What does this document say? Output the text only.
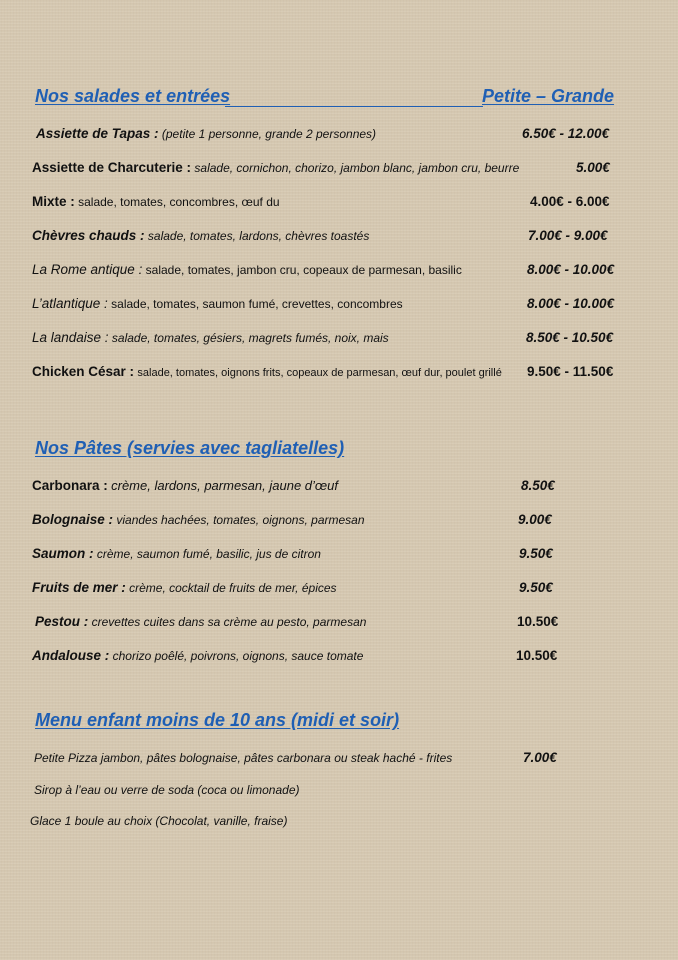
Nos salades et entrées	Petite – Grande
Assiette de Tapas : (petite 1 personne, grande 2 personnes)	6.50€ - 12.00€
Assiette de Charcuterie : salade, cornichon, chorizo, jambon blanc, jambon cru, beurre	5.00€
Mixte : salade, tomates, concombres, œuf du	4.00€ - 6.00€
Chèvres chauds : salade, tomates, lardons, chèvres toastés	7.00€ - 9.00€
La Rome antique : salade, tomates, jambon cru, copeaux de parmesan, basilic	8.00€ - 10.00€
L’atlantique : salade, tomates, saumon fumé, crevettes, concombres	8.00€ - 10.00€
La landaise : salade, tomates, gésiers, magrets fumés, noix, mais	8.50€ - 10.50€
Chicken César : salade, tomates, oignons frits, copeaux de parmesan, œuf dur, poulet grillé 9.50€ - 11.50€
Nos Pâtes (servies avec tagliatelles)
Carbonara : crème, lardons, parmesan, jaune d’œuf	8.50€
Bolognaise : viandes hachées, tomates, oignons, parmesan	9.00€
Saumon : crème, saumon fumé, basilic, jus de citron	9.50€
Fruits de mer : crème, cocktail de fruits de mer, épices	9.50€
Pestou : crevettes cuites dans sa crème au pesto, parmesan	10.50€
Andalouse : chorizo poêlé, poivrons, oignons, sauce tomate	10.50€
Menu enfant moins de 10 ans (midi et soir)
Petite Pizza jambon, pâtes bolognaise, pâtes carbonara ou steak haché - frites	7.00€
Sirop à l’eau ou verre de soda (coca ou limonade)
Glace 1 boule au choix (Chocolat, vanille, fraise)
